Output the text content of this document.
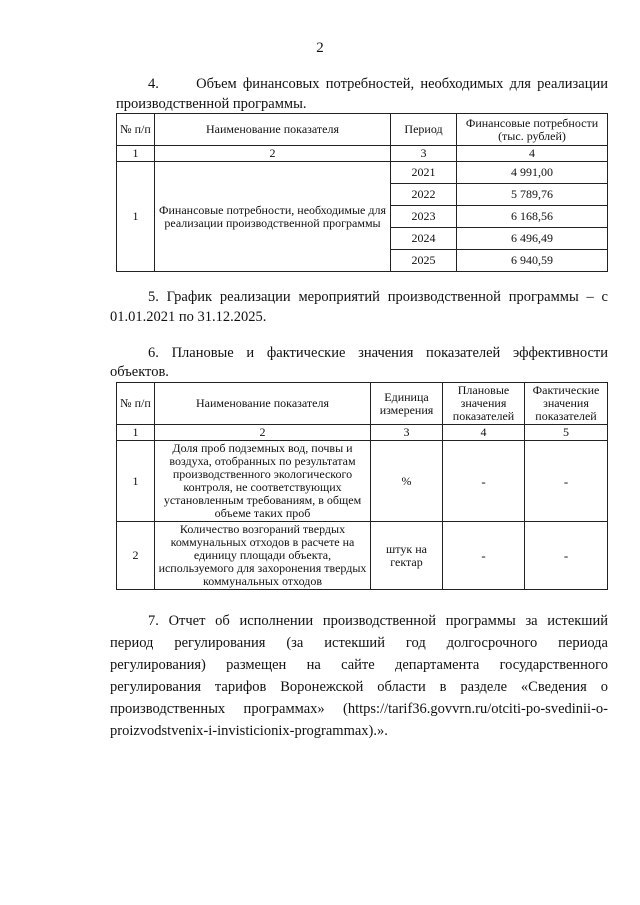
2
4.      Объем финансовых потребностей, необходимых для реализации
производственной программы.
№ п/п	Наименование показателя	Период	Финансовые потребности (тыс. рублей)
1	2	3	4
1	Финансовые потребности, необходимые для реализации производственной программы	2021	4 991,00
		2022	5 789,76
		2023	6 168,56
		2024	6 496,49
		2025	6 940,59
5. График реализации мероприятий производственной программы – с
01.01.2021 по 31.12.2025.
6. Плановые и фактические значения показателей эффективности
объектов.
№ п/п	Наименование показателя	Единица измерения	Плановые значения показателей	Фактические значения показателей
1	2	3	4	5
1	Доля проб подземных вод, почвы и воздуха, отобранных по результатам производственного экологического контроля, не соответствующих установленным требованиям, в общем объеме таких проб	%	-	-
2	Количество возгораний твердых коммунальных отходов в расчете на единицу площади объекта, используемого для захоронения твердых коммунальных отходов	штук на гектар	-	-
7. Отчет об исполнении производственной программы за истекший
период регулирования (за истекший год долгосрочного периода
регулирования) размещен на сайте департамента государственного
регулирования тарифов Воронежской области в разделе «Сведения о
производственных программах» (https://tarif36.govvrn.ru/otciti-po-svedinii-o-
proizvodstvenix-i-invisticionix-programmax).».
